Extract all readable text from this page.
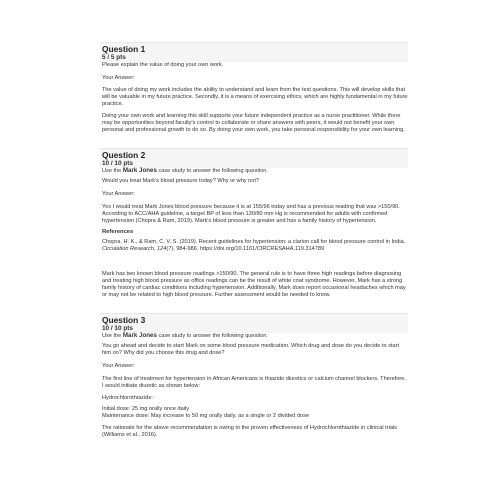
Question 1
5 / 5 pts
Please explain the value of doing your own work.

Your Answer:

The value of doing my work includes the ability to understand and learn from the test questions. This will develop skills that will be valuable in my future practice. Secondly, it is a means of exercising ethics, which are highly fundamental in my future practice.

Doing your own work and learning this skill supports your future independent practice as a nurse practitioner. While there may be opportunities beyond faculty's control to collaborate or share answers with peers, it would not benefit your own personal and professional growth to do so. By doing your own work, you take personal responsibility for your own learning.

Question 2
10 / 10 pts
Use the Mark Jones case study to answer the following question.

Would you treat Mark's blood pressure today? Why or why not?

Your Answer:

Yes I would treat Mark Jones blood pressure because it is at 155/96 today and has a previous reading that was >150/90. According to ACC/AHA guideline, a target BP of less than 130/80 mm Hg is recommended for adults with confirmed hypertension (Chopra & Ram, 2019). Mark's blood pressure is greater and has a family history of hypertension.

References

Chopra, H. K., & Ram, C. V. S. (2019). Recent guidelines for hypertension: a clarion call for blood pressure control in India. Circulation Research, 124(7), 984-986. https://doi.org/10.1161/CIRCRESAHA.119.314789

Mark has two known blood pressure readings >150/90. The general rule is to have three high readings before diagnosing and treating high blood pressure as office readings can be the result of white coat syndrome. However, Mark has a strong family history of cardiac conditions including hypertension. Additionally, Mark does report occasional headaches which may or may not be related to high blood pressure. Further assessment would be needed to know.

Question 3
10 / 10 pts
Use the Mark Jones case study to answer the following question.

You go ahead and decide to start Mark on some blood pressure medication. Which drug and dose do you decide to start him on? Why did you choose this drug and dose?

Your Answer:

The first line of treatment for hypertension in African Americans is thiazide diuretics or calcium channel blockers. Therefore, I would initiate diuretic as shown below:

Hydrochlorothiazide:

Initial dose: 25 mg orally once daily

Maintenance dose: May increase to 50 mg orally daily, as a single or 2 divided dose

The rationale for the above recommendation is owing to the proven effectiveness of Hydrochlorothiazide in clinical trials (Williams et al., 2016).
